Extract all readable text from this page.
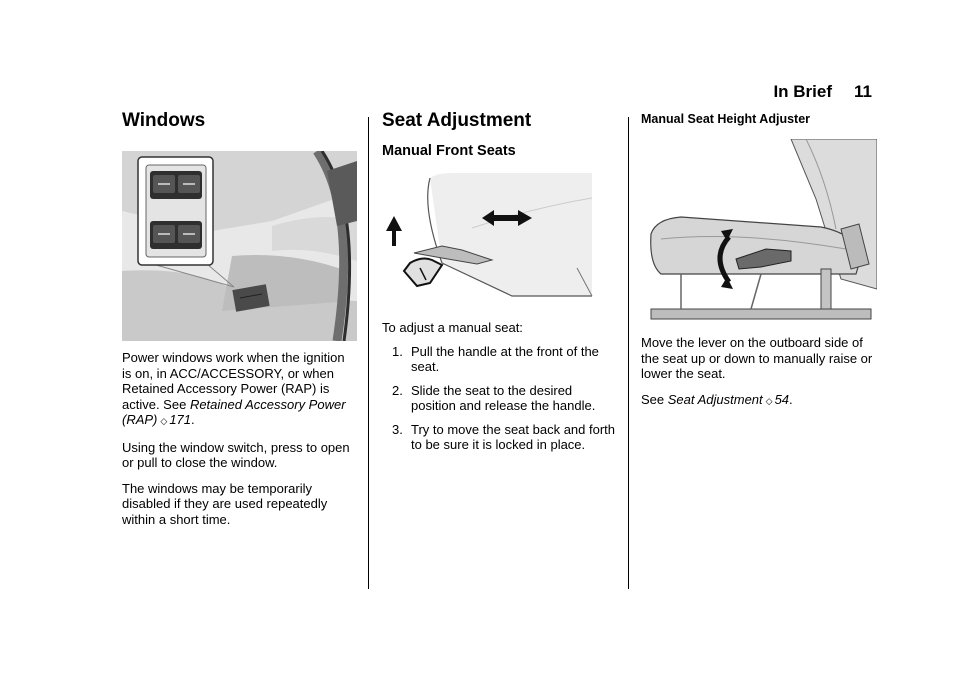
In Brief 11
Windows

Power windows work when the ignition is on, in ACC/ACCESSORY, or when Retained Accessory Power (RAP) is active. See Retained Accessory Power (RAP) ◇ 171.

Using the window switch, press to open or pull to close the window.

The windows may be temporarily disabled if they are used repeatedly within a short time.

Seat Adjustment
Manual Front Seats

To adjust a manual seat:

1. Pull the handle at the front of the seat.
2. Slide the seat to the desired position and release the handle.
3. Try to move the seat back and forth to be sure it is locked in place.
Manual Seat Height Adjuster

Move the lever on the outboard side of the seat up or down to manually raise or lower the seat.

See Seat Adjustment ◇ 54.
